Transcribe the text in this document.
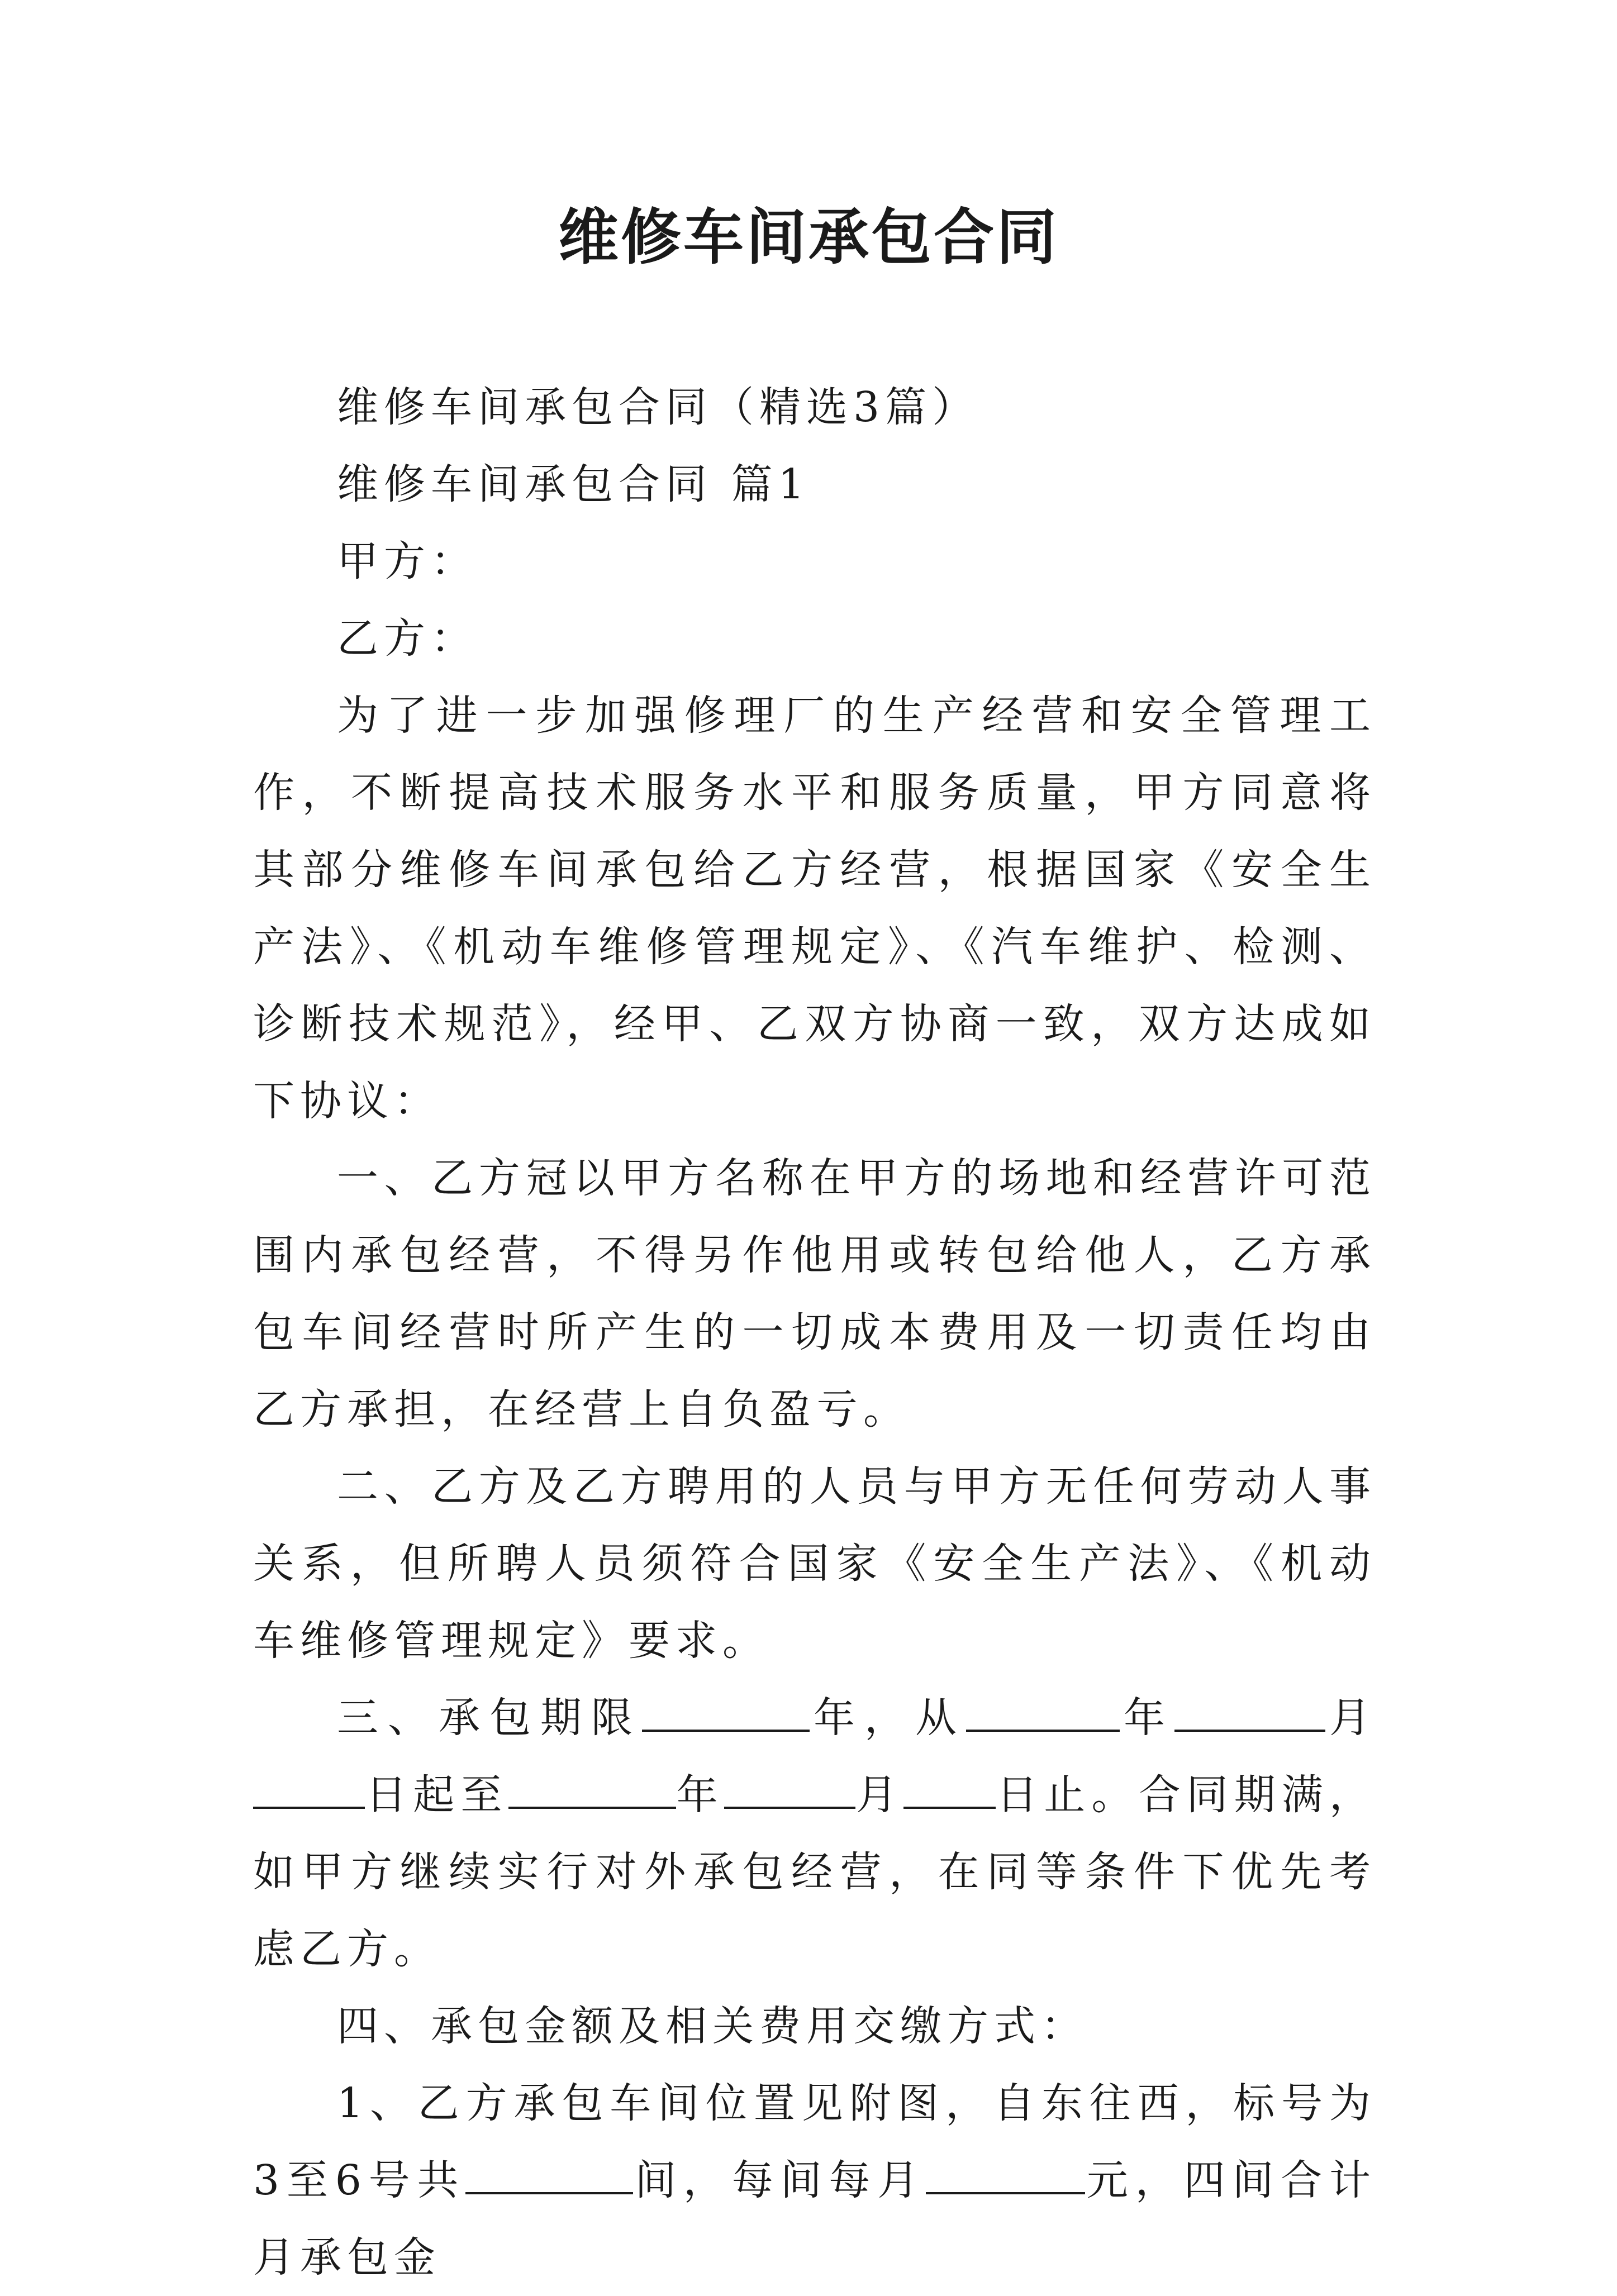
维修车间承包合同

维修车间承包合同（精选3篇）

维修车间承包合同 篇1

甲方：

乙方：

为了进一步加强修理厂的生产经营和安全管理工作，不断提高技术服务水平和服务质量，甲方同意将其部分维修车间承包给乙方经营，根据国家《安全生产法》、《机动车维修管理规定》、《汽车维护、检测、诊断技术规范》，经甲、乙双方协商一致，双方达成如下协议：

一、乙方冠以甲方名称在甲方的场地和经营许可范围内承包经营，不得另作他用或转包给他人，乙方承包车间经营时所产生的一切成本费用及一切责任均由乙方承担，在经营上自负盈亏。

二、乙方及乙方聘用的人员与甲方无任何劳动人事关系，但所聘人员须符合国家《安全生产法》、《机动车维修管理规定》要求。

三、承包期限	年，从	年	月日起至	年	月 日止。合同期满，如甲方继续实行对外承包经营，在同等条件下优先考虑乙方。

四、承包金额及相关费用交缴方式：

1、乙方承包车间位置见附图，自东往西，标号为3至6号共	间，每间每月	元，四间合计月承包金
